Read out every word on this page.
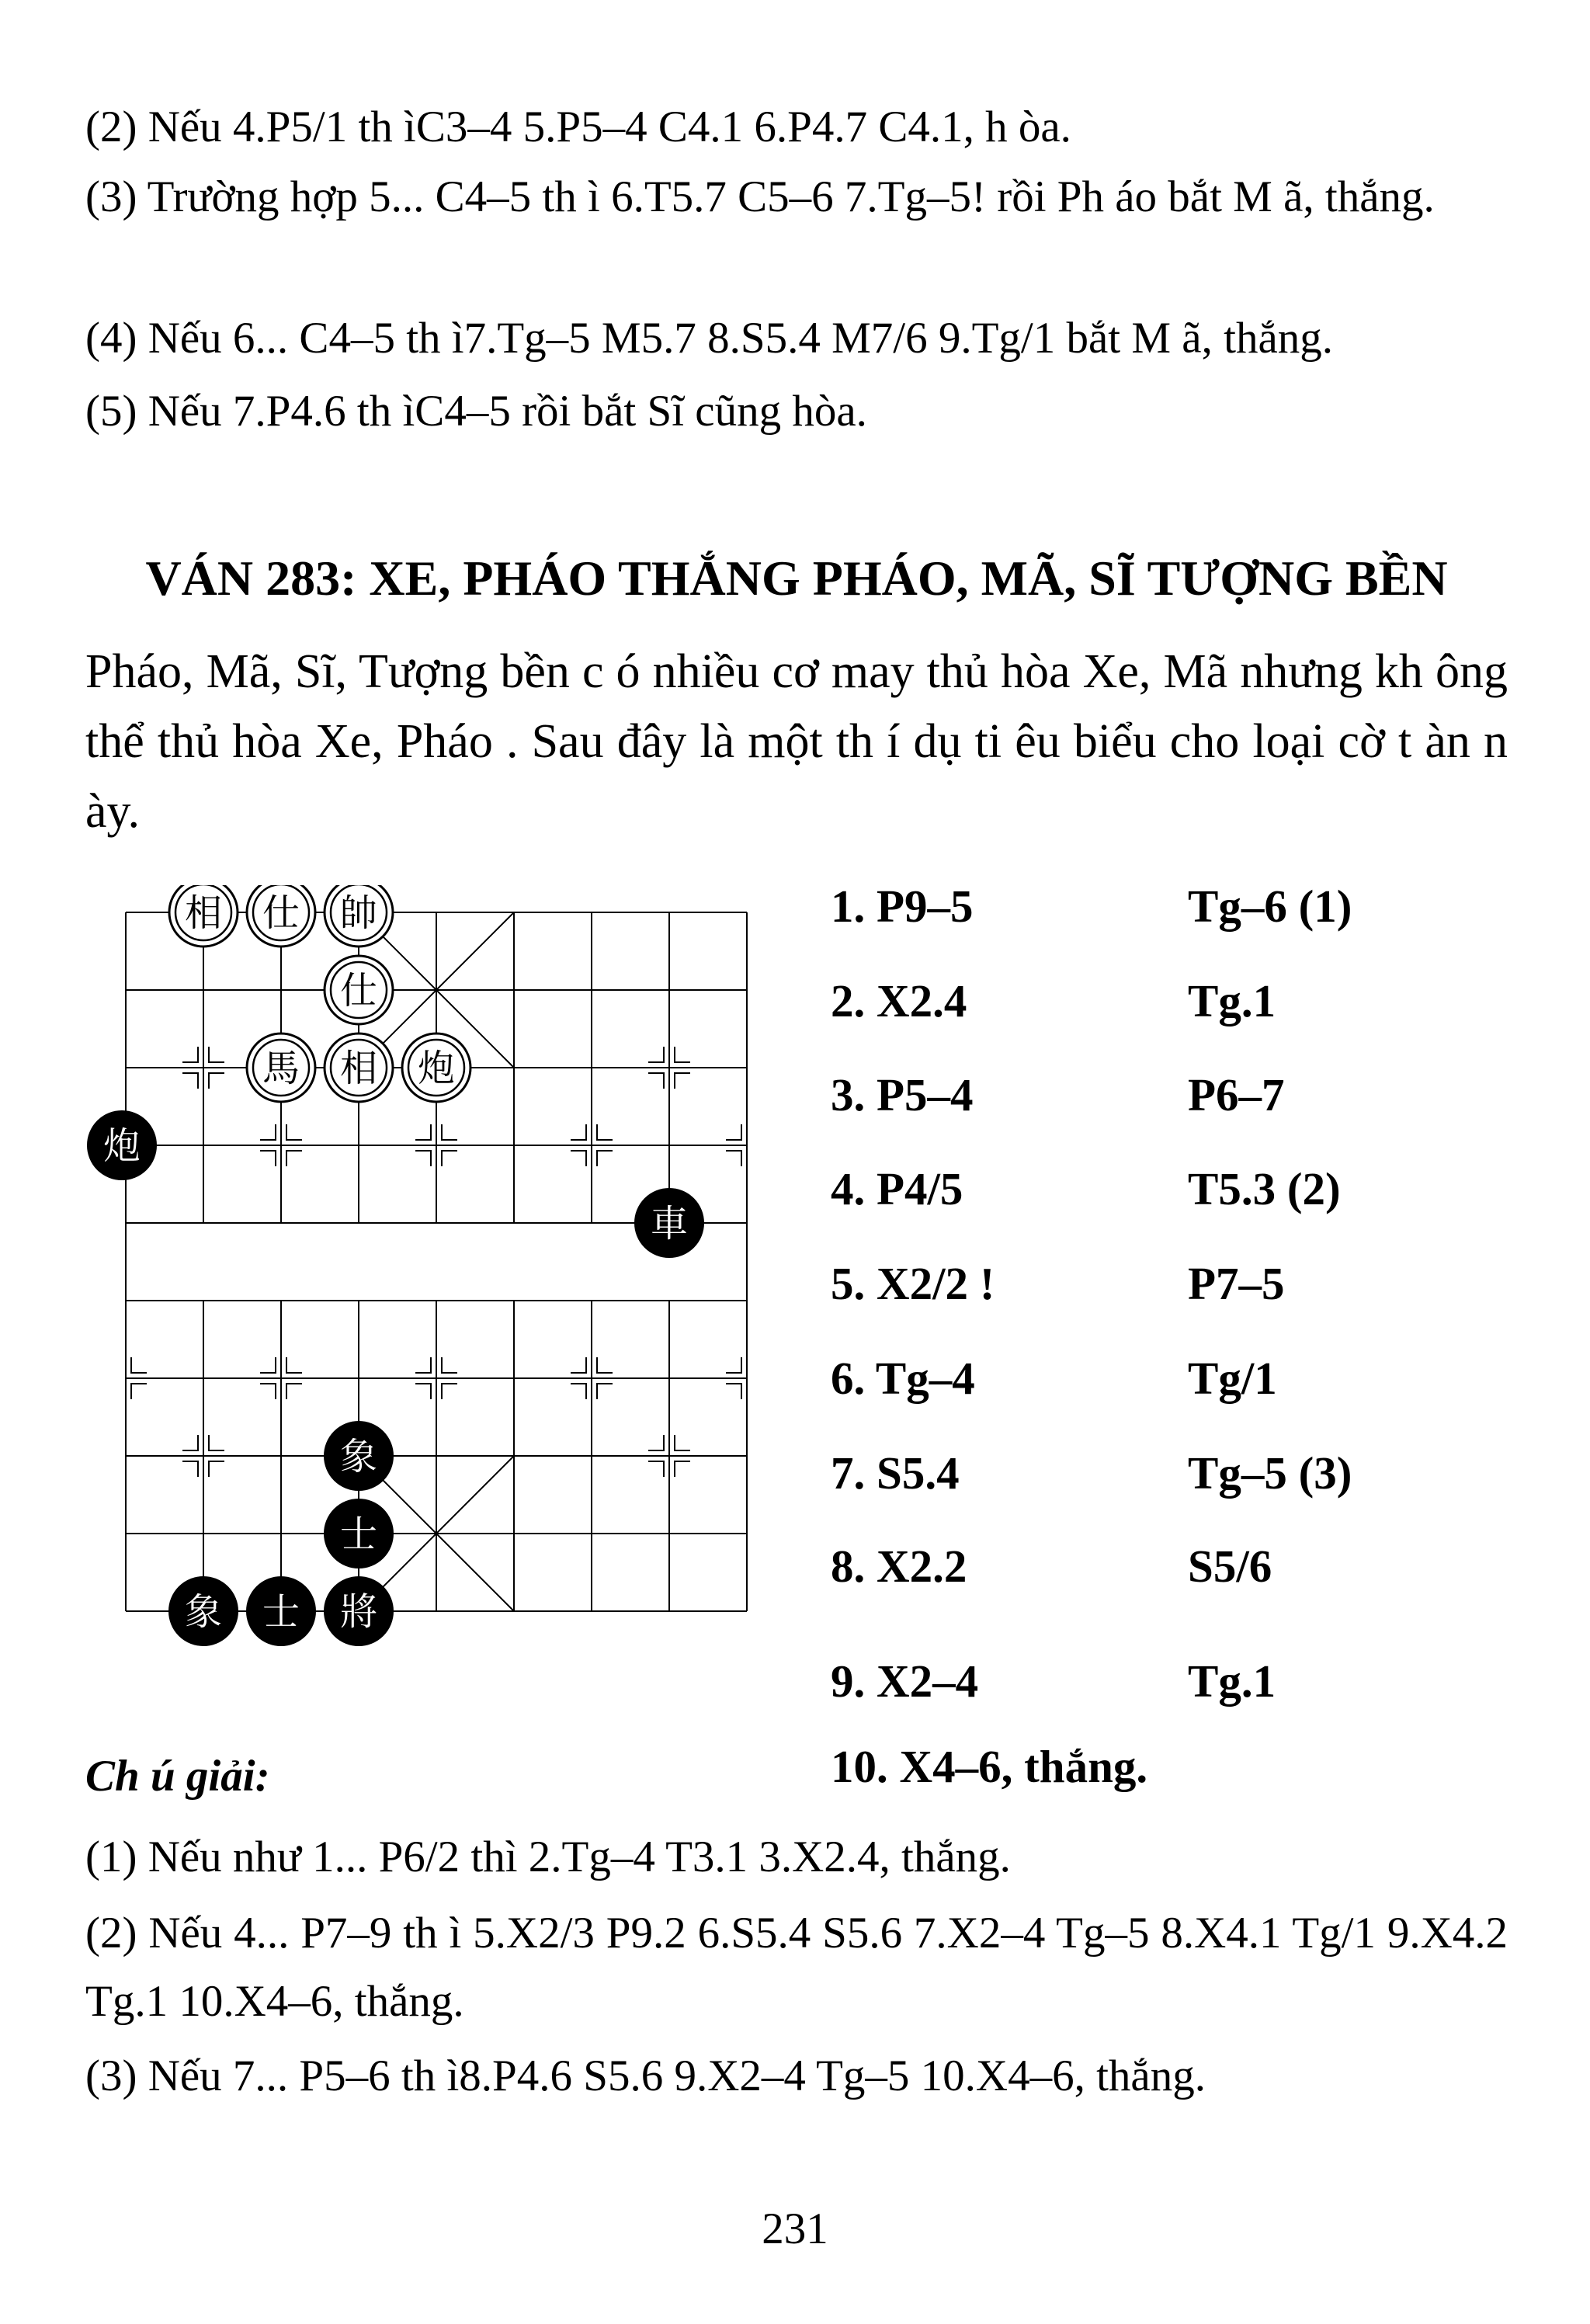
(2) Nếu 4.P5/1 th ìC3–4 5.P5–4 C4.1 6.P4.7 C4.1, h òa.

(3) Trường hợp 5... C4–5 th ì 6.T5.7 C5–6 7.Tg–5! rồi Ph áo bắt M ã, thắng.

(4) Nếu 6... C4–5 th ì7.Tg–5 M5.7 8.S5.4 M7/6 9.Tg/1 bắt M ã, thắng.

(5) Nếu 7.P4.6 th ìC4–5 rồi bắt Sĩ cũng hòa.

VÁN 283: XE, PHÁO THẮNG PHÁO, MÃ, SĨ TƯỢNG BỀN

Pháo, Mã, Sĩ, Tượng bền c ó nhiều cơ may thủ hòa Xe, Mã nhưng kh ông thể thủ hòa Xe, Pháo . Sau đây là một th í dụ ti êu biểu cho loại cờ t àn n ày.

相 仕 帥
仕
馬 相 炮
炮
車
象
士
象 士 將
1. P9–5	Tg–6 (1)
2. X2.4	Tg.1
3. P5–4	P6–7
4. P4/5	T5.3 (2)
5. X2/2 !	P7–5
6. Tg–4	Tg/1
7. S5.4	Tg–5 (3)
8. X2.2	S5/6
9. X2–4	Tg.1
10. X4–6, thắng.
Ch ú giải:

(1) Nếu như 1... P6/2 thì 2.Tg–4 T3.1 3.X2.4, thắng.

(2) Nếu 4... P7–9 th ì 5.X2/3 P9.2 6.S5.4 S5.6 7.X2–4 Tg–5 8.X4.1 Tg/1 9.X4.2 Tg.1 10.X4–6, thắng.

(3) Nếu 7... P5–6 th ì8.P4.6 S5.6 9.X2–4 Tg–5 10.X4–6, thắng.

231
